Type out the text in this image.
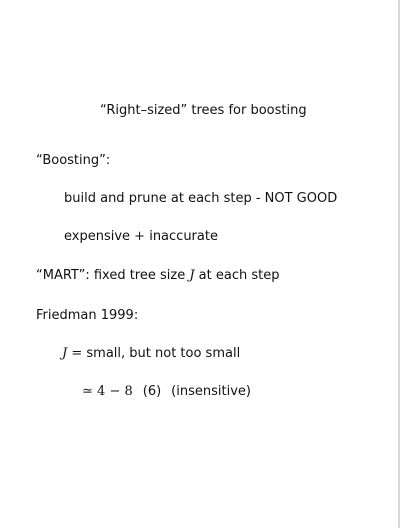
“Right–sized” trees for boosting
“Boosting”:
build and prune at each step - NOT GOOD
expensive + inaccurate
“MART”: fixed tree size J at each step
Friedman 1999:
J = small, but not too small
≃ 4 − 8 (6) (insensitive)
